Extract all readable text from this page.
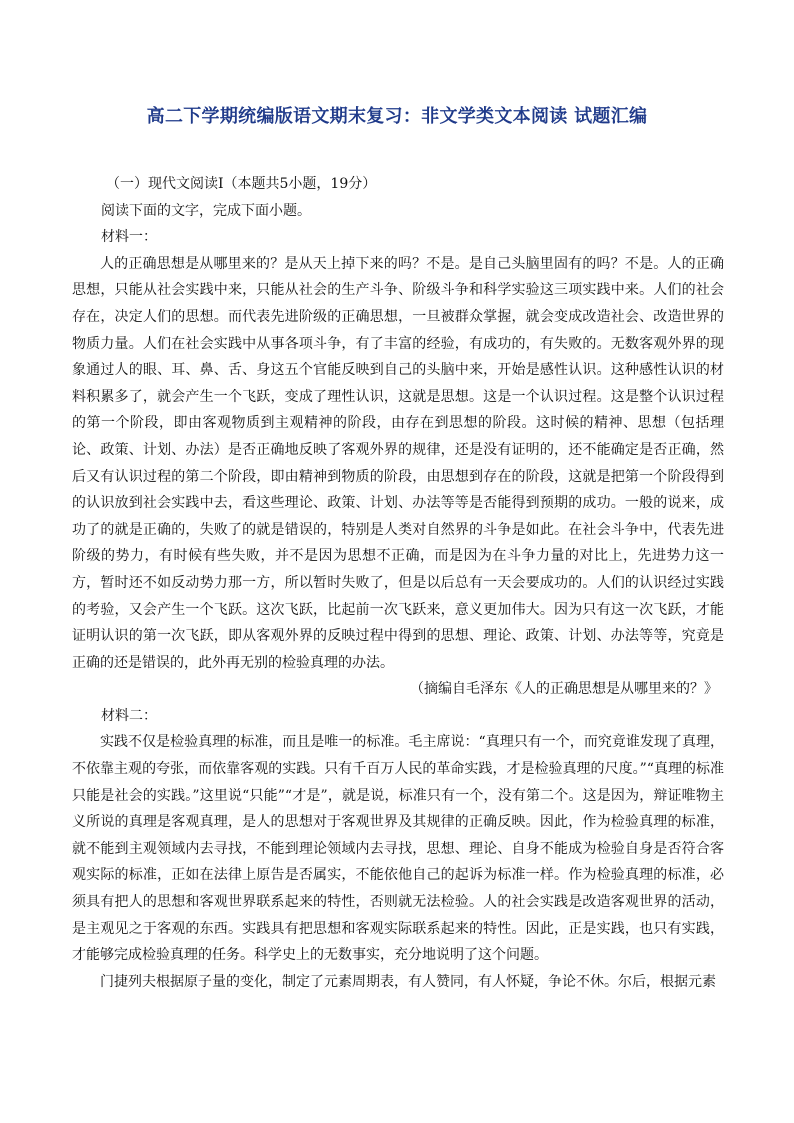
高二下学期统编版语文期末复习：非文学类文本阅读 试题汇编
（一）现代文阅读Ⅰ（本题共5小题，19分）
阅读下面的文字，完成下面小题。
材料一：

人的正确思想是从哪里来的？是从天上掉下来的吗？不是。是自己头脑里固有的吗？不是。人的正确思想，只能从社会实践中来，只能从社会的生产斗争、阶级斗争和科学实验这三项实践中来。人们的社会存在，决定人们的思想。而代表先进阶级的正确思想，一旦被群众掌握，就会变成改造社会、改造世界的物质力量。人们在社会实践中从事各项斗争，有了丰富的经验，有成功的，有失败的。无数客观外界的现象通过人的眼、耳、鼻、舌、身这五个官能反映到自己的头脑中来，开始是感性认识。这种感性认识的材料积累多了，就会产生一个飞跃，变成了理性认识，这就是思想。这是一个认识过程。这是整个认识过程的第一个阶段，即由客观物质到主观精神的阶段，由存在到思想的阶段。这时候的精神、思想（包括理论、政策、计划、办法）是否正确地反映了客观外界的规律，还是没有证明的，还不能确定是否正确，然后又有认识过程的第二个阶段，即由精神到物质的阶段，由思想到存在的阶段，这就是把第一个阶段得到的认识放到社会实践中去，看这些理论、政策、计划、办法等等是否能得到预期的成功。一般的说来，成功了的就是正确的，失败了的就是错误的，特别是人类对自然界的斗争是如此。在社会斗争中，代表先进阶级的势力，有时候有些失败，并不是因为思想不正确，而是因为在斗争力量的对比上，先进势力这一方，暂时还不如反动势力那一方，所以暂时失败了，但是以后总有一天会要成功的。人们的认识经过实践的考验，又会产生一个飞跃。这次飞跃，比起前一次飞跃来，意义更加伟大。因为只有这一次飞跃，才能证明认识的第一次飞跃，即从客观外界的反映过程中得到的思想、理论、政策、计划、办法等等，究竟是正确的还是错误的，此外再无别的检验真理的办法。

（摘编自毛泽东《人的正确思想是从哪里来的？》
材料二：

实践不仅是检验真理的标准，而且是唯一的标准。毛主席说：“真理只有一个，而究竟谁发现了真理，不依靠主观的夸张，而依靠客观的实践。只有千百万人民的革命实践，才是检验真理的尺度。”“真理的标准只能是社会的实践。”这里说“只能”“才是”，就是说，标准只有一个，没有第二个。这是因为，辩证唯物主义所说的真理是客观真理，是人的思想对于客观世界及其规律的正确反映。因此，作为检验真理的标准，就不能到主观领域内去寻找，不能到理论领域内去寻找，思想、理论、自身不能成为检验自身是否符合客观实际的标准，正如在法律上原告是否属实，不能依他自己的起诉为标准一样。作为检验真理的标准，必须具有把人的思想和客观世界联系起来的特性，否则就无法检验。人的社会实践是改造客观世界的活动，是主观见之于客观的东西。实践具有把思想和客观实际联系起来的特性。因此，正是实践，也只有实践，才能够完成检验真理的任务。科学史上的无数事实，充分地说明了这个问题。

门捷列夫根据原子量的变化，制定了元素周期表，有人赞同，有人怀疑，争论不休。尔后，根据元素
